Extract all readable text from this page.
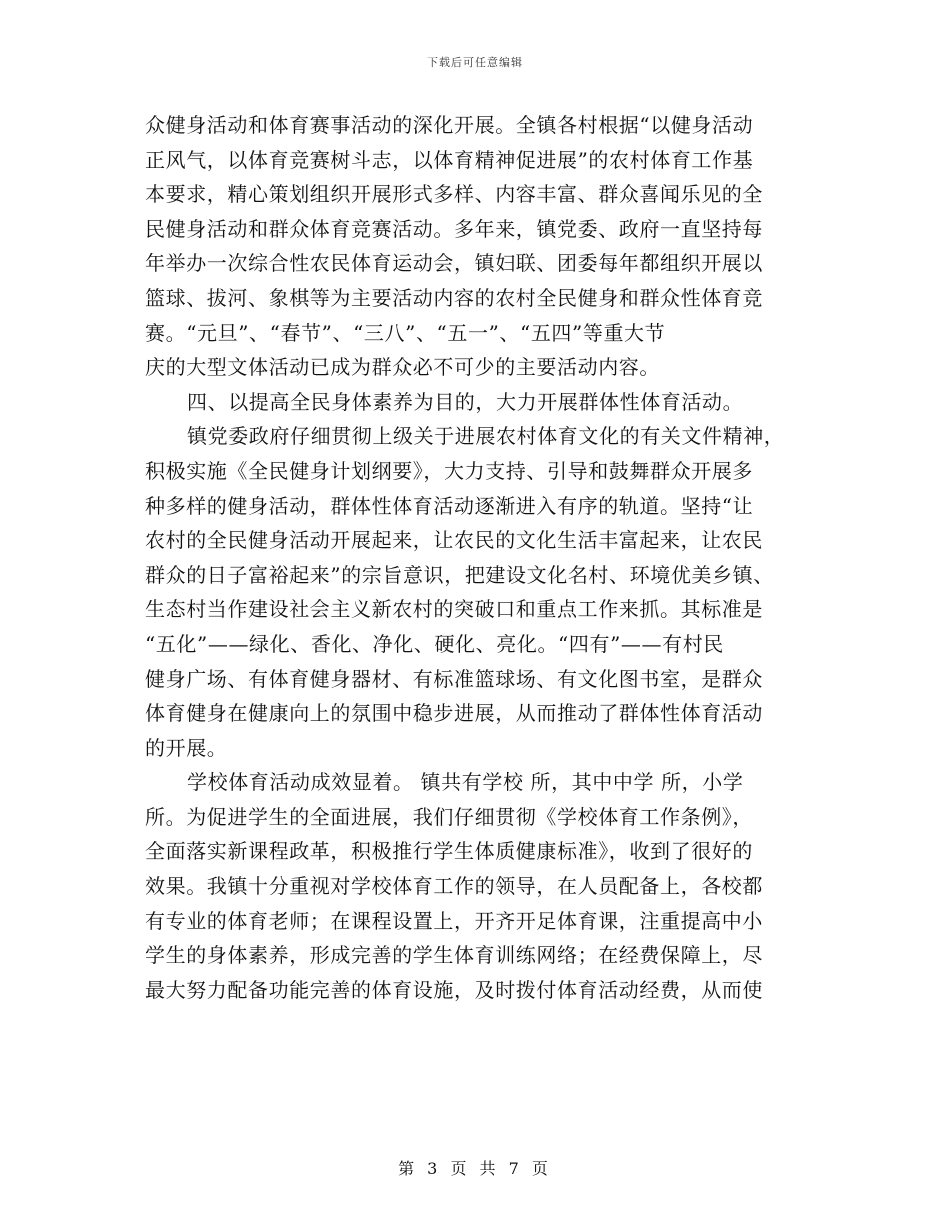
下载后可任意编辑
众健身活动和体育赛事活动的深化开展。全镇各村根据“以健身活动
正风气，以体育竞赛树斗志，以体育精神促进展”的农村体育工作基
本要求，精心策划组织开展形式多样、内容丰富、群众喜闻乐见的全
民健身活动和群众体育竞赛活动。多年来，镇党委、政府一直坚持每
年举办一次综合性农民体育运动会，镇妇联、团委每年都组织开展以
篮球、拔河、象棋等为主要活动内容的农村全民健身和群众性体育竞
赛。“元旦”、“春节”、“三八”、“五一”、“五四”等重大节
庆的大型文体活动已成为群众必不可少的主要活动内容。
四、以提高全民身体素养为目的，大力开展群体性体育活动。
镇党委政府仔细贯彻上级关于进展农村体育文化的有关文件精神，
积极实施《全民健身计划纲要》，大力支持、引导和鼓舞群众开展多
种多样的健身活动，群体性体育活动逐渐进入有序的轨道。坚持“让
农村的全民健身活动开展起来，让农民的文化生活丰富起来，让农民
群众的日子富裕起来”的宗旨意识，把建设文化名村、环境优美乡镇、
生态村当作建设社会主义新农村的突破口和重点工作来抓。其标准是
“五化”——绿化、香化、净化、硬化、亮化。“四有”——有村民
健身广场、有体育健身器材、有标准篮球场、有文化图书室，是群众
体育健身在健康向上的氛围中稳步进展，从而推动了群体性体育活动
的开展。
学校体育活动成效显着。 镇共有学校 所，其中中学 所，小学
所。为促进学生的全面进展，我们仔细贯彻《学校体育工作条例》，
全面落实新课程政革，积极推行学生体质健康标准》，收到了很好的
效果。我镇十分重视对学校体育工作的领导，在人员配备上，各校都
有专业的体育老师；在课程设置上，开齐开足体育课，注重提高中小
学生的身体素养，形成完善的学生体育训练网络；在经费保障上，尽
最大努力配备功能完善的体育设施，及时拨付体育活动经费，从而使
第 3 页 共 7 页
